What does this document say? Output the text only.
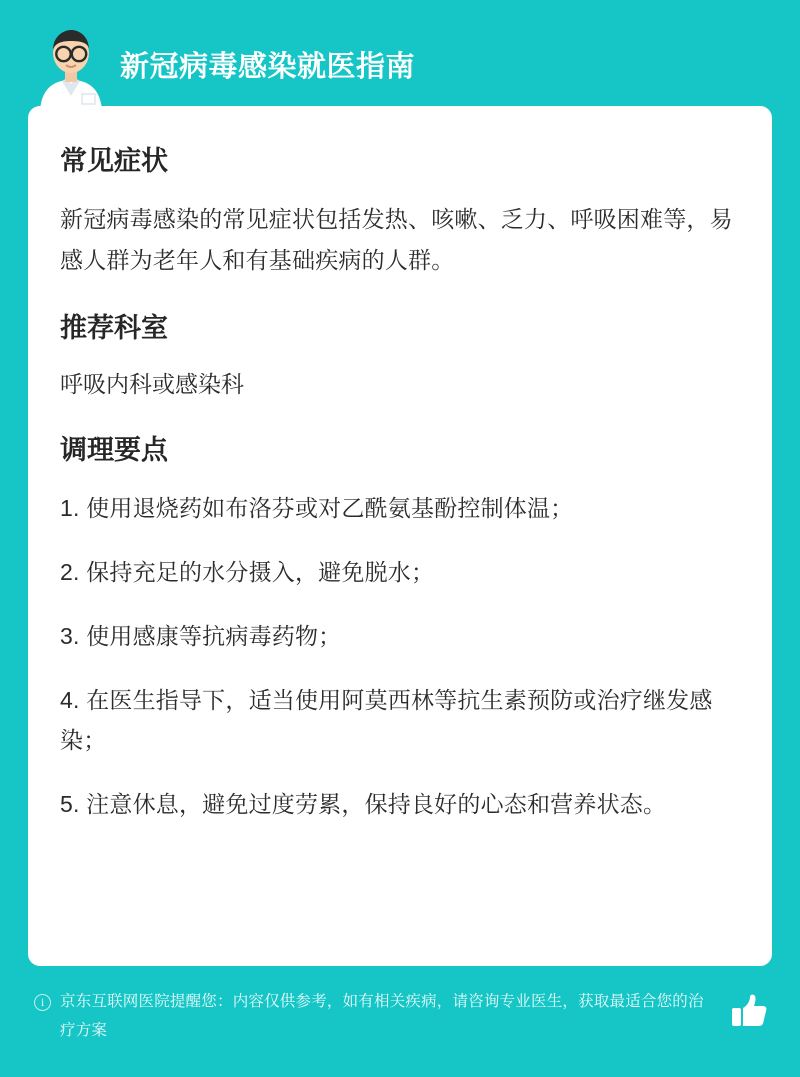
新冠病毒感染就医指南
常见症状

新冠病毒感染的常见症状包括发热、咳嗽、乏力、呼吸困难等，易感人群为老年人和有基础疾病的人群。

推荐科室

呼吸内科或感染科

调理要点

1. 使用退烧药如布洛芬或对乙酰氨基酚控制体温；

2. 保持充足的水分摄入，避免脱水；

3. 使用感康等抗病毒药物；

4. 在医生指导下，适当使用阿莫西林等抗生素预防或治疗继发感染；

5. 注意休息，避免过度劳累，保持良好的心态和营养状态。

i	京东互联网医院提醒您：内容仅供参考，如有相关疾病，请咨询专业医生，获取最适合您的治疗方案
